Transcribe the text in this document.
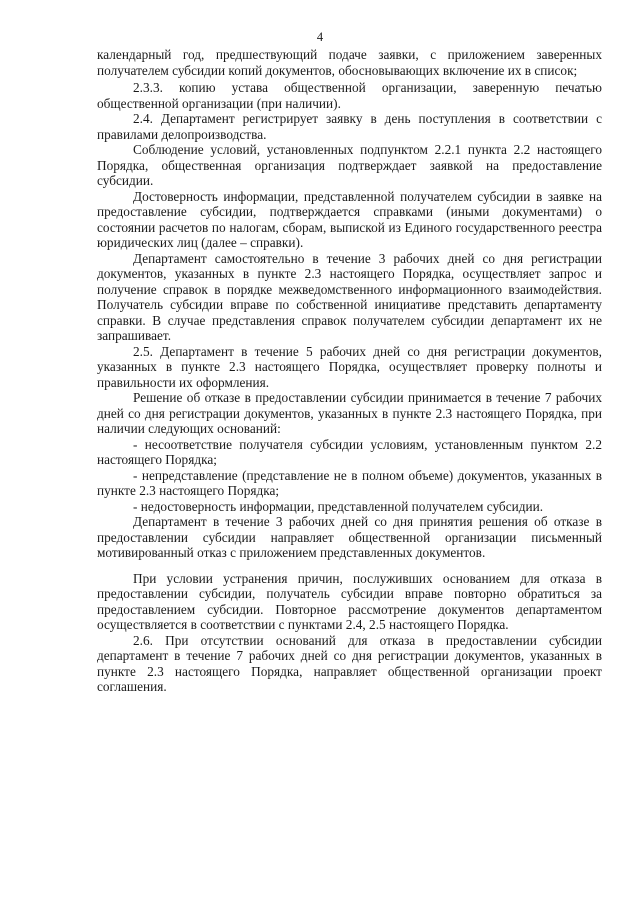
4

календарный год, предшествующий подаче заявки, с приложением заверенных получателем субсидии копий документов, обосновывающих включение их в список;

2.3.3. копию устава общественной организации, заверенную печатью общественной организации (при наличии).

2.4. Департамент регистрирует заявку в день поступления в соответствии с правилами делопроизводства.

Соблюдение условий, установленных подпунктом 2.2.1 пункта 2.2 настоящего Порядка, общественная организация подтверждает заявкой на предоставление субсидии.

Достоверность информации, представленной получателем субсидии в заявке на предоставление субсидии, подтверждается справками (иными документами) о состоянии расчетов по налогам, сборам, выпиской из Единого государственного реестра юридических лиц (далее – справки).

Департамент самостоятельно в течение 3 рабочих дней со дня регистрации документов, указанных в пункте 2.3 настоящего Порядка, осуществляет запрос и получение справок в порядке межведомственного информационного взаимодействия. Получатель субсидии вправе по собственной инициативе представить департаменту справки. В случае представления справок получателем субсидии департамент их не запрашивает.

2.5. Департамент в течение 5 рабочих дней со дня регистрации документов, указанных в пункте 2.3 настоящего Порядка, осуществляет проверку полноты и правильности их оформления.

Решение об отказе в предоставлении субсидии принимается в течение 7 рабочих дней со дня регистрации документов, указанных в пункте 2.3 настоящего Порядка, при наличии следующих оснований:

- несоответствие получателя субсидии условиям, установленным пунктом 2.2 настоящего Порядка;

- непредставление (представление не в полном объеме) документов, указанных в пункте 2.3 настоящего Порядка;

- недостоверность информации, представленной получателем субсидии.

Департамент в течение 3 рабочих дней со дня принятия решения об отказе в предоставлении субсидии направляет общественной организации письменный мотивированный отказ с приложением представленных документов.

При условии устранения причин, послуживших основанием для отказа в предоставлении субсидии, получатель субсидии вправе повторно обратиться за предоставлением субсидии. Повторное рассмотрение документов департаментом осуществляется в соответствии с пунктами 2.4, 2.5 настоящего Порядка.

2.6. При отсутствии оснований для отказа в предоставлении субсидии департамент в течение 7 рабочих дней со дня регистрации документов, указанных в пункте 2.3 настоящего Порядка, направляет общественной организации проект соглашения.
